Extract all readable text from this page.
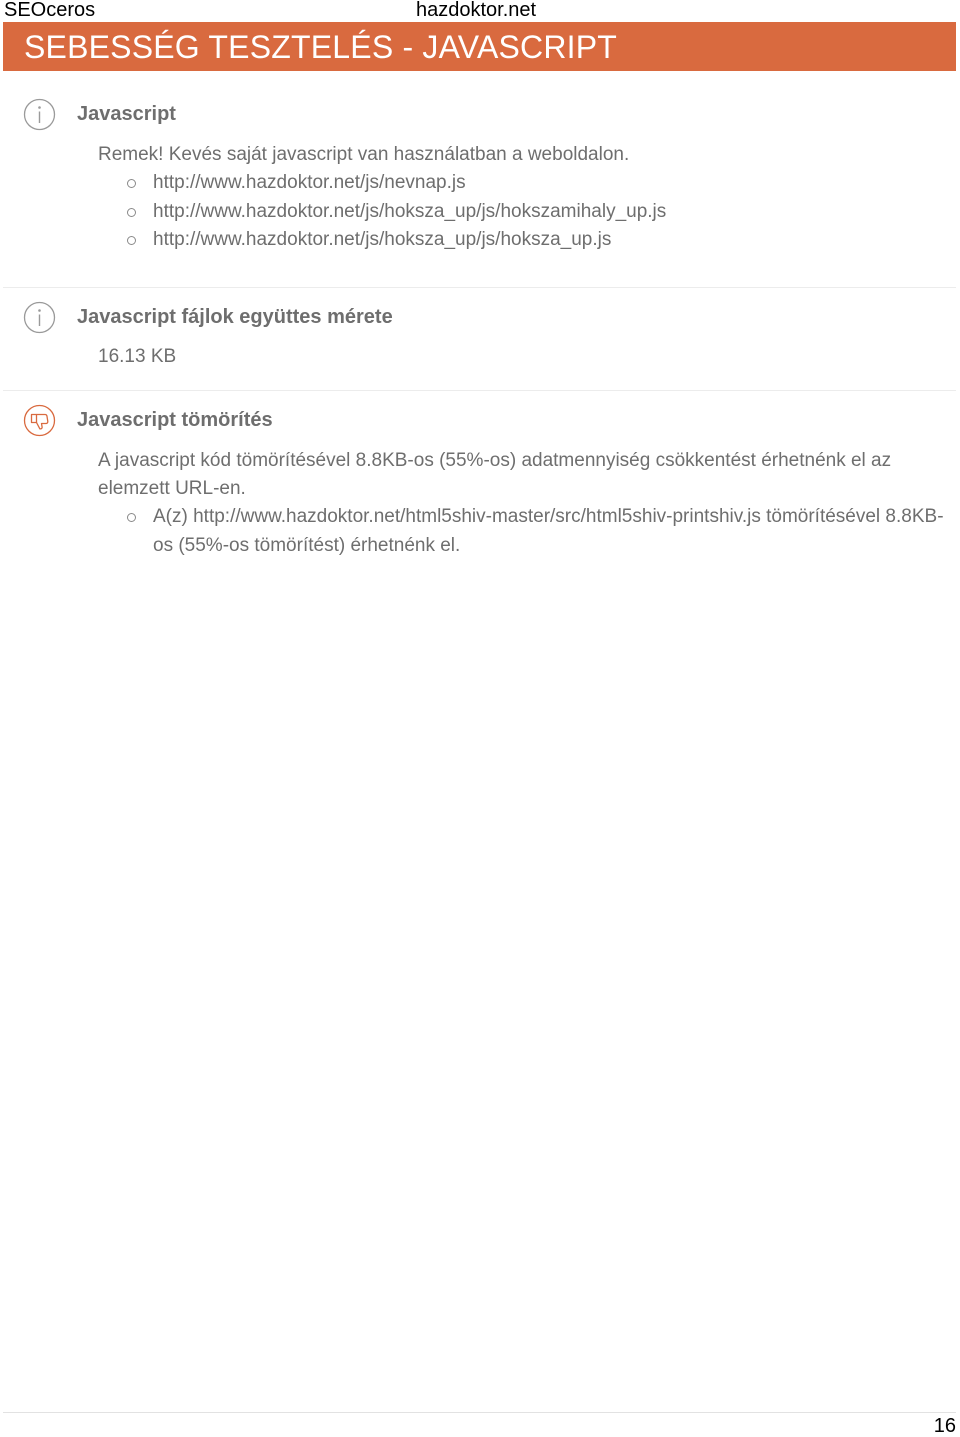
SEOceros	hazdoktor.net
SEBESSÉG TESZTELÉS - JAVASCRIPT
Javascript
Remek! Kevés saját javascript van használatban a weboldalon.
http://www.hazdoktor.net/js/nevnap.js
http://www.hazdoktor.net/js/hoksza_up/js/hokszamihaly_up.js
http://www.hazdoktor.net/js/hoksza_up/js/hoksza_up.js
Javascript fájlok együttes mérete
16.13 KB
Javascript tömörítés
A javascript kód tömörítésével 8.8KB-os (55%-os) adatmennyiség csökkentést érhetnénk el az elemzett URL-en.
A(z) http://www.hazdoktor.net/html5shiv-master/src/html5shiv-printshiv.js tömörítésével 8.8KB-os (55%-os tömörítést) érhetnénk el.
16
